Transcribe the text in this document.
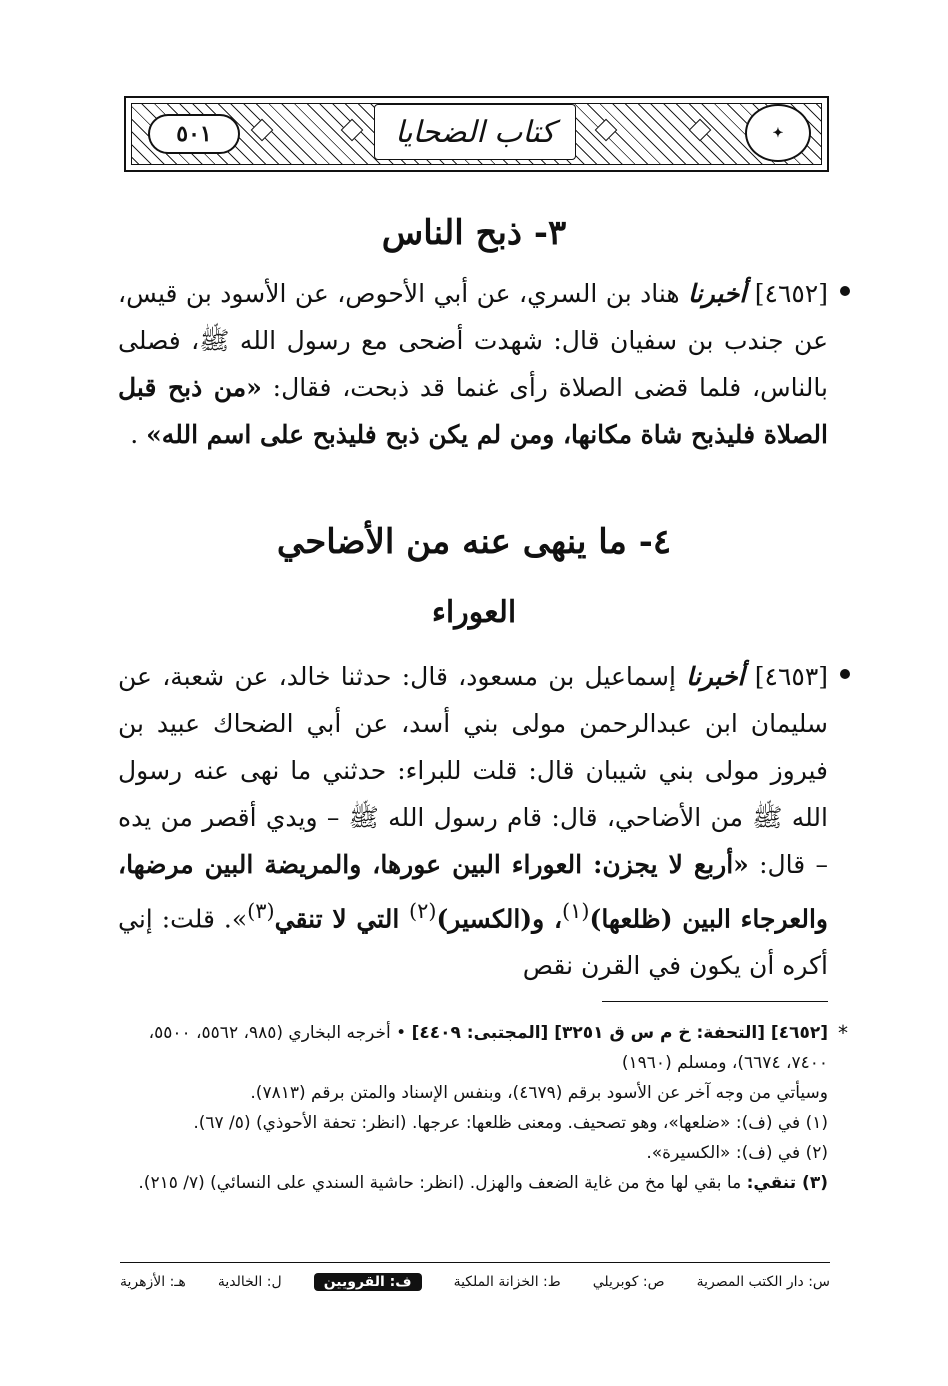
✦
كتاب الضحايا
٥٠١
٣- ذبح الناس
[٤٦٥٢] أخبرنا هناد بن السري، عن أبي الأحوص، عن الأسود بن قيس، عن جندب بن سفيان قال: شهدت أضحى مع رسول الله ﷺ، فصلى بالناس، فلما قضى الصلاة رأى غنما قد ذبحت، فقال: «من ذبح قبل الصلاة فليذبح شاة مكانها، ومن لم يكن ذبح فليذبح على اسم الله» .
٤- ما ينهى عنه من الأضاحي
العوراء
[٤٦٥٣] أخبرنا إسماعيل بن مسعود، قال: حدثنا خالد، عن شعبة، عن سليمان ابن عبدالرحمن مولى بني أسد، عن أبي الضحاك عبيد بن فيروز مولى بني شيبان قال: قلت للبراء: حدثني ما نهى عنه رسول الله ﷺ من الأضاحي، قال: قام رسول الله ﷺ – ويدي أقصر من يده – قال: «أربع لا يجزن: العوراء البين عورها، والمريضة البين مرضها، والعرجاء البين (ظلعها)$^{(١)}$، و(الكسير)$^{(٢)}$ التي لا تنقي$^{(٣)}$». قلت: إني أكره أن يكون في القرن نقص
*
[٤٦٥٢] [التحفة: خ م س ق ٣٢٥١] [المجتبى: ٤٤٠٩] • أخرجه البخاري (٩٨٥، ٥٥٦٢، ٥٥٠٠، ٧٤٠٠، ٦٦٧٤)، ومسلم (١٩٦٠)
وسيأتي من وجه آخر عن الأسود برقم (٤٦٧٩)، وبنفس الإسناد والمتن برقم (٧٨١٣).
(١) في (ف): «ضلعها»، وهو تصحيف. ومعنى ظلعها: عرجها. (انظر: تحفة الأحوذي) (٥/ ٦٧).
(٢) في (ف): «الكسيرة».
(٣) تنقي: ما بقي لها مخ من غاية الضعف والهزل. (انظر: حاشية السندي على النسائي) (٧/ ٢١٥).
س: دار الكتب المصرية
ص: كوبريلي
ط: الخزانة الملكية
ف: القرويين
ل: الخالدية
هـ: الأزهرية
